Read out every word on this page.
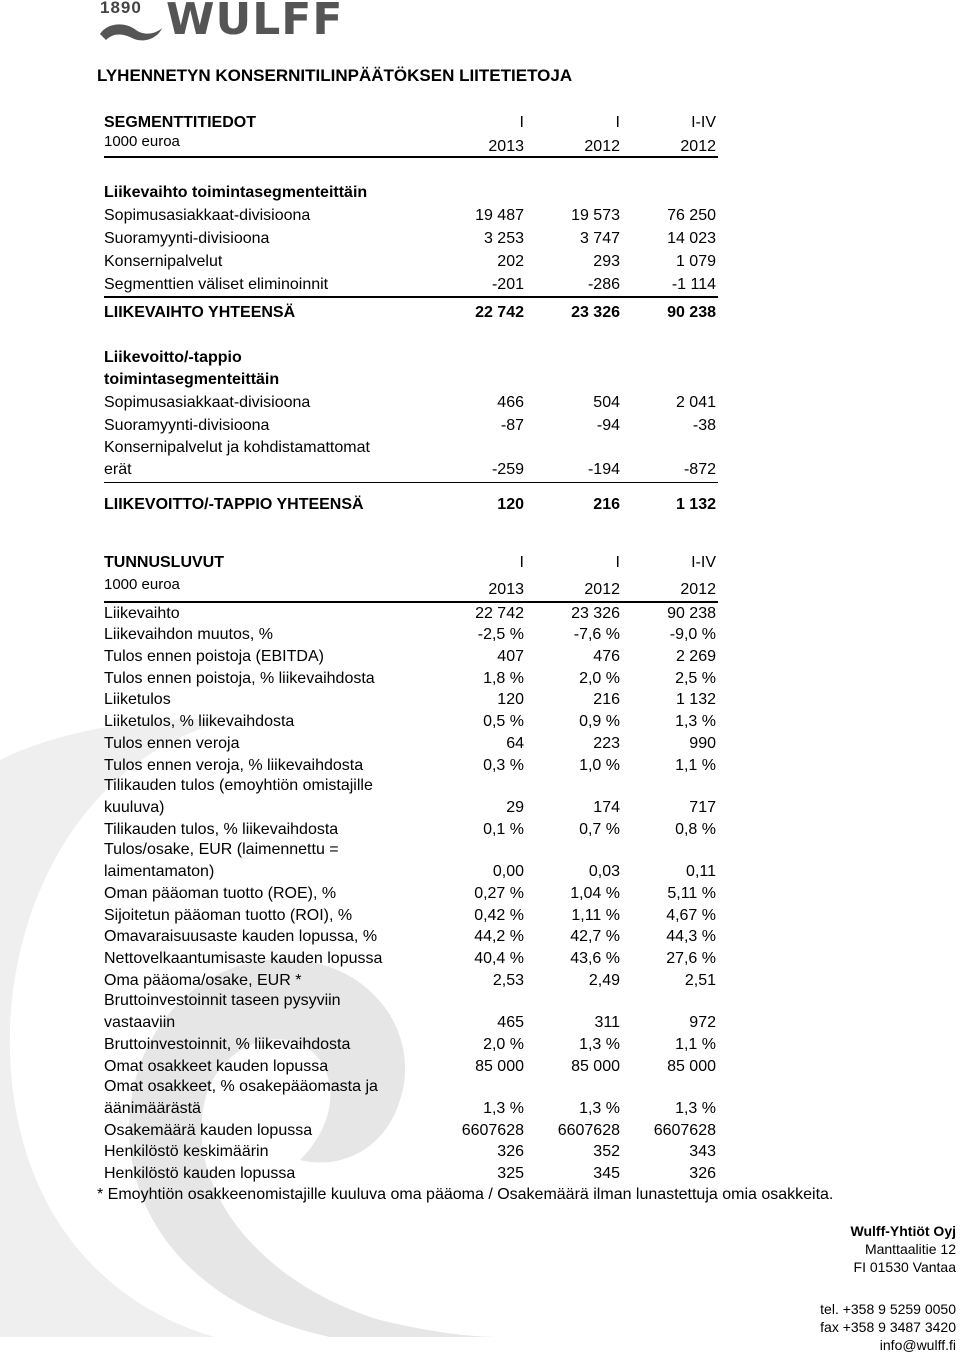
1890 WULFF
LYHENNETYN KONSERNITILINPÄÄTÖKSEN LIITETIETOJA
SEGMENTTITIEDOT	I	I	I-IV
1000 euroa	2013	2012	2012
Liikevaihto toimintasegmenteittäin
Sopimusasiakkaat-divisioona	19 487	19 573	76 250
Suoramyynti-divisioona	3 253	3 747	14 023
Konsernipalvelut	202	293	1 079
Segmenttien väliset eliminoinnit	-201	-286	-1 114
LIIKEVAIHTO YHTEENSÄ	22 742	23 326	90 238
Liikevoitto/-tappio
toimintasegmenteittäin
Sopimusasiakkaat-divisioona	466	504	2 041
Suoramyynti-divisioona	-87	-94	-38
Konsernipalvelut ja kohdistamattomat
erät	-259	-194	-872
LIIKEVOITTO/-TAPPIO YHTEENSÄ	120	216	1 132
TUNNUSLUVUT	I	I	I-IV
1000 euroa	2013	2012	2012
Liikevaihto	22 742	23 326	90 238
Liikevaihdon muutos, %	-2,5 %	-7,6 %	-9,0 %
Tulos ennen poistoja (EBITDA)	407	476	2 269
Tulos ennen poistoja, % liikevaihdosta	1,8 %	2,0 %	2,5 %
Liiketulos	120	216	1 132
Liiketulos, % liikevaihdosta	0,5 %	0,9 %	1,3 %
Tulos ennen veroja	64	223	990
Tulos ennen veroja, % liikevaihdosta	0,3 %	1,0 %	1,1 %
Tilikauden tulos (emoyhtiön omistajille
kuuluva)	29	174	717
Tilikauden tulos, % liikevaihdosta	0,1 %	0,7 %	0,8 %
Tulos/osake, EUR (laimennettu =
laimentamaton)	0,00	0,03	0,11
Oman pääoman tuotto (ROE), %	0,27 %	1,04 %	5,11 %
Sijoitetun pääoman tuotto (ROI), %	0,42 %	1,11 %	4,67 %
Omavaraisuusaste kauden lopussa, %	44,2 %	42,7 %	44,3 %
Nettovelkaantumisaste kauden lopussa	40,4 %	43,6 %	27,6 %
Oma pääoma/osake, EUR *	2,53	2,49	2,51
Bruttoinvestoinnit taseen pysyviin
vastaaviin	465	311	972
Bruttoinvestoinnit, % liikevaihdosta	2,0 %	1,3 %	1,1 %
Omat osakkeet kauden lopussa	85 000	85 000	85 000
Omat osakkeet, % osakepääomasta ja
äänimäärästä	1,3 %	1,3 %	1,3 %
Osakemäärä kauden lopussa	6607628 6607628 6607628
Henkilöstö keskimäärin	326	352	343
Henkilöstö kauden lopussa	325	345	326
* Emoyhtiön osakkeenomistajille kuuluva oma pääoma / Osakemäärä ilman lunastettuja omia osakkeita.
Wulff-Yhtiöt Oyj
Manttaalitie 12
FI 01530 Vantaa
tel. +358 9 5259 0050
fax +358 9 3487 3420
info@wulff.fi
